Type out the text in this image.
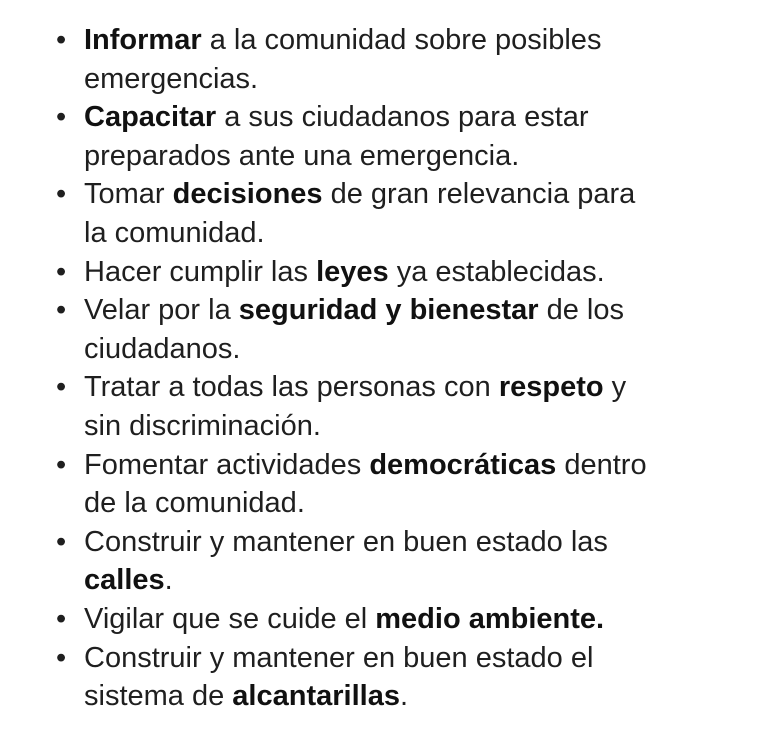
• Informar a la comunidad sobre posibles
emergencias.
• Capacitar a sus ciudadanos para estar
preparados ante una emergencia.
• Tomar decisiones de gran relevancia para
la comunidad.
• Hacer cumplir las leyes ya establecidas.
• Velar por la seguridad y bienestar de los
ciudadanos.
• Tratar a todas las personas con respeto y
sin discriminación.
• Fomentar actividades democráticas dentro
de la comunidad.
• Construir y mantener en buen estado las
calles.
• Vigilar que se cuide el medio ambiente.
• Construir y mantener en buen estado el
sistema de alcantarillas.
